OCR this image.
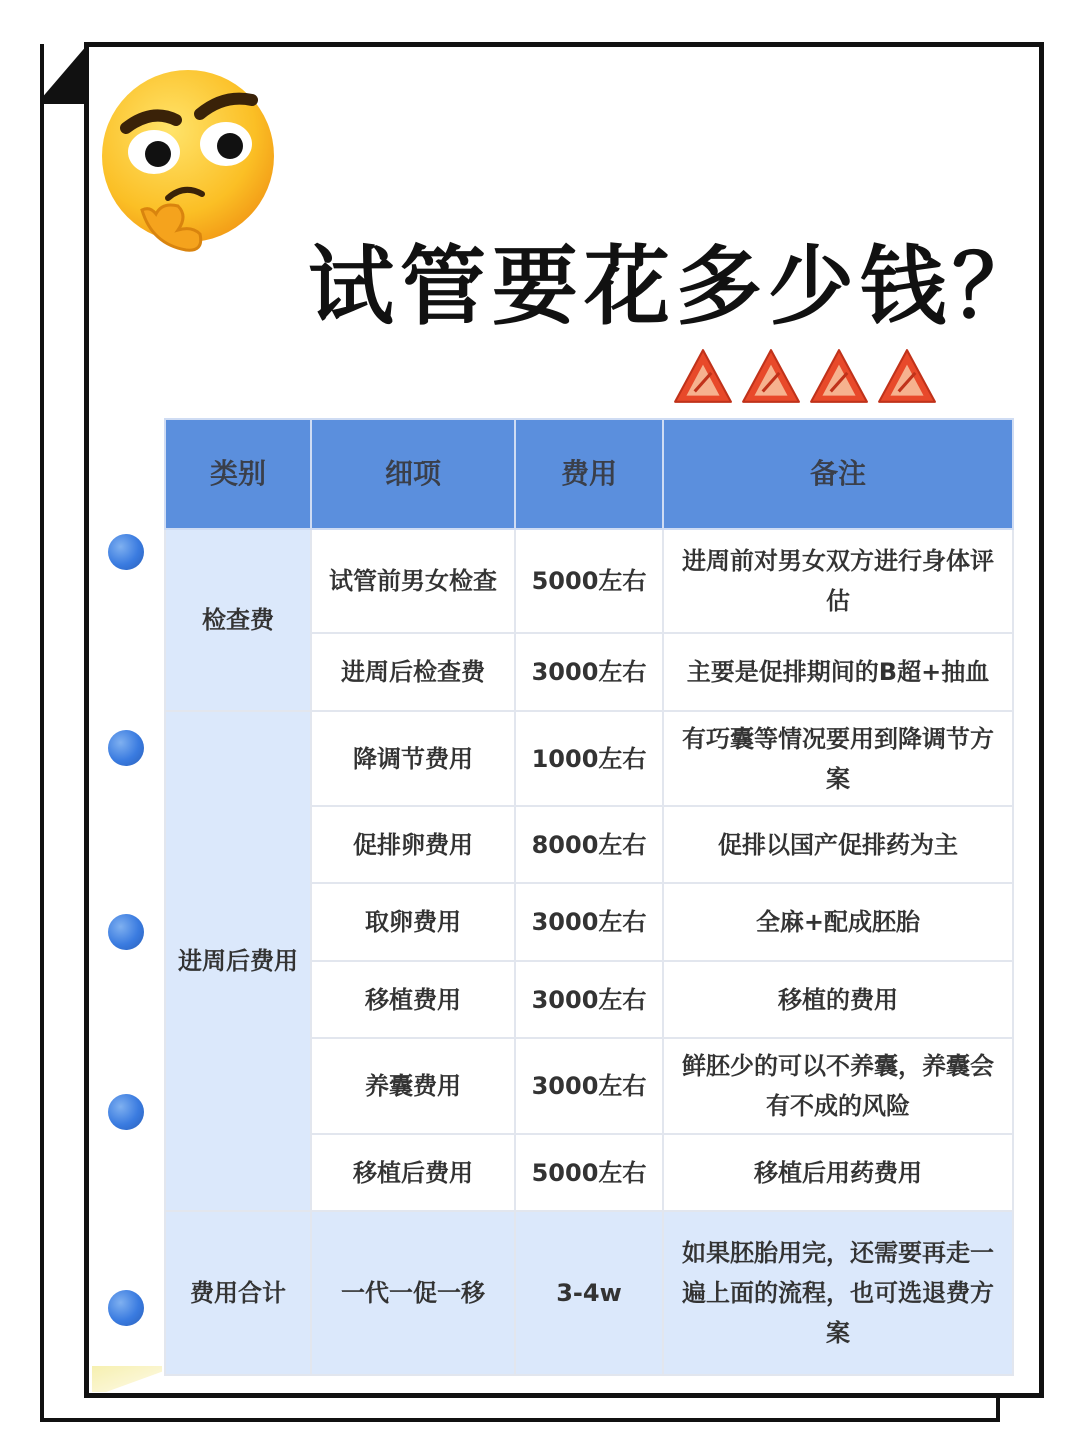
试管要花多少钱？
类别	细项	费用	备注
检查费	试管前男女检查	5000左右	进周前对男女双方进行身体评估
	进周后检查费	3000左右	主要是促排期间的B超+抽血
进周后费用	降调节费用	1000左右	有巧囊等情况要用到降调节方案
	促排卵费用	8000左右	促排以国产促排药为主
	取卵费用	3000左右	全麻+配成胚胎
	移植费用	3000左右	移植的费用
	养囊费用	3000左右	鲜胚少的可以不养囊，养囊会有不成的风险
	移植后费用	5000左右	移植后用药费用
费用合计	一代一促一移	3-4w	如果胚胎用完，还需要再走一遍上面的流程，也可选退费方案
